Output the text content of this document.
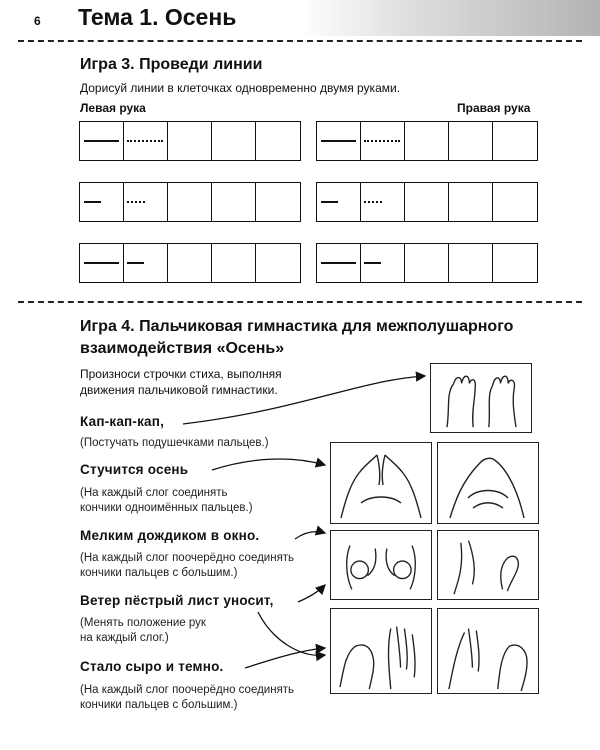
6 Тема 1. Осень
Игра 3. Проведи линии
Дорисуй линии в клеточках одновременно двумя руками.
Левая рука	Правая рука
Игра 4. Пальчиковая гимнастика для межполушарного
взаимодействия «Осень»
Произноси строчки стиха, выполняя
движения пальчиковой гимнастики.
Кап-кап-кап,
(Постучать подушечками пальцев.)
Стучится осень
(На каждый слог соединять
кончики одноимённых пальцев.)
Мелким дождиком в окно.
(На каждый слог поочерёдно соединять
кончики пальцев с большим.)
Ветер пёстрый лист уносит,
(Менять положение рук
на каждый слог.)
Стало сыро и темно.
(На каждый слог поочерёдно соединять
кончики пальцев с большим.)
